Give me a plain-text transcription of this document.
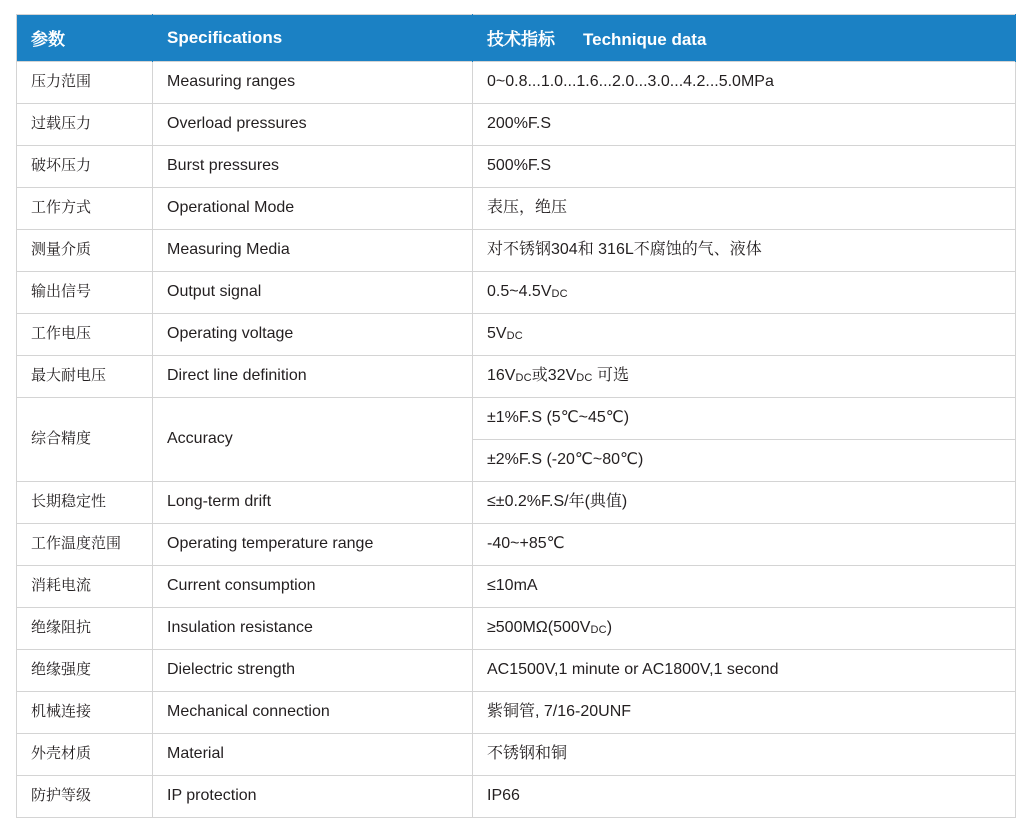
参数	Specifications	技术指标 Technique data
压力范围	Measuring ranges	0~0.8...1.0...1.6...2.0...3.0...4.2...5.0MPa
过载压力	Overload pressures	200%F.S
破坏压力	Burst pressures	500%F.S
工作方式	Operational Mode	表压，绝压
测量介质	Measuring Media	对不锈钢304和 316L不腐蚀的气、液体
输出信号	Output signal	$0.5\sim 4.5V_{DC}$
工作电压	Operating voltage	$5V_{DC}$
最大耐电压	Direct line definition	$16V_{DC}$或$32V_{DC}$ 可选
综合精度	Accuracy	±1%F.S (5℃~45℃)
		±2%F.S (-20℃~80℃)
长期稳定性	Long-term drift	≤±0.2%F.S/年(典值)
工作温度范围	Operating temperature range	-40~+85℃
消耗电流	Current consumption	≤10mA
绝缘阻抗	Insulation resistance	$\ge 500M\Omega(500V_{DC})$
绝缘强度	Dielectric strength	AC1500V,1 minute or AC1800V,1 second
机械连接	Mechanical connection	紫铜管, 7/16-20UNF
外壳材质	Material	不锈钢和铜
防护等级	IP protection	IP66
